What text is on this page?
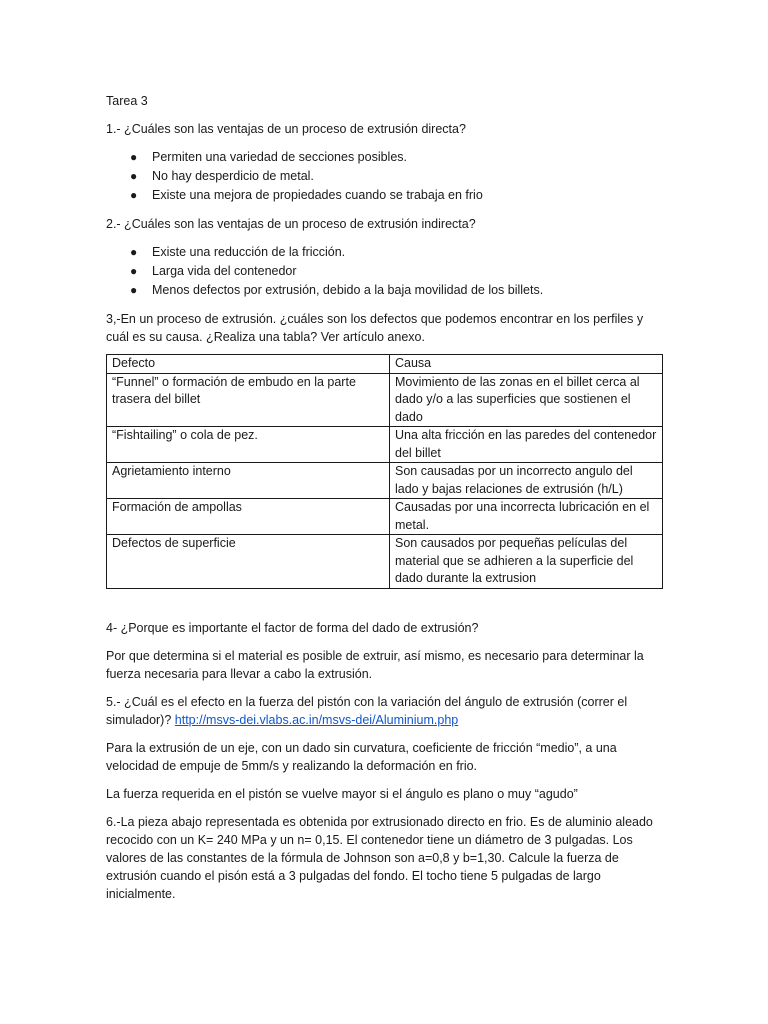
Tarea 3

1.- ¿Cuáles son las ventajas de un proceso de extrusión directa?

● Permiten una variedad de secciones posibles.
● No hay desperdicio de metal.
● Existe una mejora de propiedades cuando se trabaja en frio

2.- ¿Cuáles son las ventajas de un proceso de extrusión indirecta?

● Existe una reducción de la fricción.
● Larga vida del contenedor
● Menos defectos por extrusión, debido a la baja movilidad de los billets.

3,-En un proceso de extrusión. ¿cuáles son los defectos que podemos encontrar en los perfiles y cuál es su causa. ¿Realiza una tabla? Ver artículo anexo.

Defecto	Causa
“Funnel” o formación de embudo en la parte trasera del billet	Movimiento de las zonas en el billet cerca al dado y/o a las superficies que sostienen el dado
“Fishtailing” o cola de pez.	Una alta fricción en las paredes del contenedor del billet
Agrietamiento interno	Son causadas por un incorrecto angulo del lado y bajas relaciones de extrusión (h/L)
Formación de ampollas	Causadas por una incorrecta lubricación en el metal.
Defectos de superficie	Son causados por pequeñas películas del material que se adhieren a la superficie del dado durante la extrusion

4- ¿Porque es importante el factor de forma del dado de extrusión?

Por que determina si el material es posible de extruir, así mismo, es necesario para determinar la fuerza necesaria para llevar a cabo la extrusión.

5.- ¿Cuál es el efecto en la fuerza del pistón con la variación del ángulo de extrusión (correr el simulador)? http://msvs-dei.vlabs.ac.in/msvs-dei/Aluminium.php

Para la extrusión de un eje, con un dado sin curvatura, coeficiente de fricción “medio”, a una velocidad de empuje de 5mm/s y realizando la deformación en frio.

La fuerza requerida en el pistón se vuelve mayor si el ángulo es plano o muy “agudo”

6.-La pieza abajo representada es obtenida por extrusionado directo en frio. Es de aluminio aleado recocido con un K= 240 MPa y un n= 0,15. El contenedor tiene un diámetro de 3 pulgadas. Los valores de las constantes de la fórmula de Johnson son a=0,8 y b=1,30. Calcule la fuerza de extrusión cuando el pisón está a 3 pulgadas del fondo. El tocho tiene 5 pulgadas de largo inicialmente.
